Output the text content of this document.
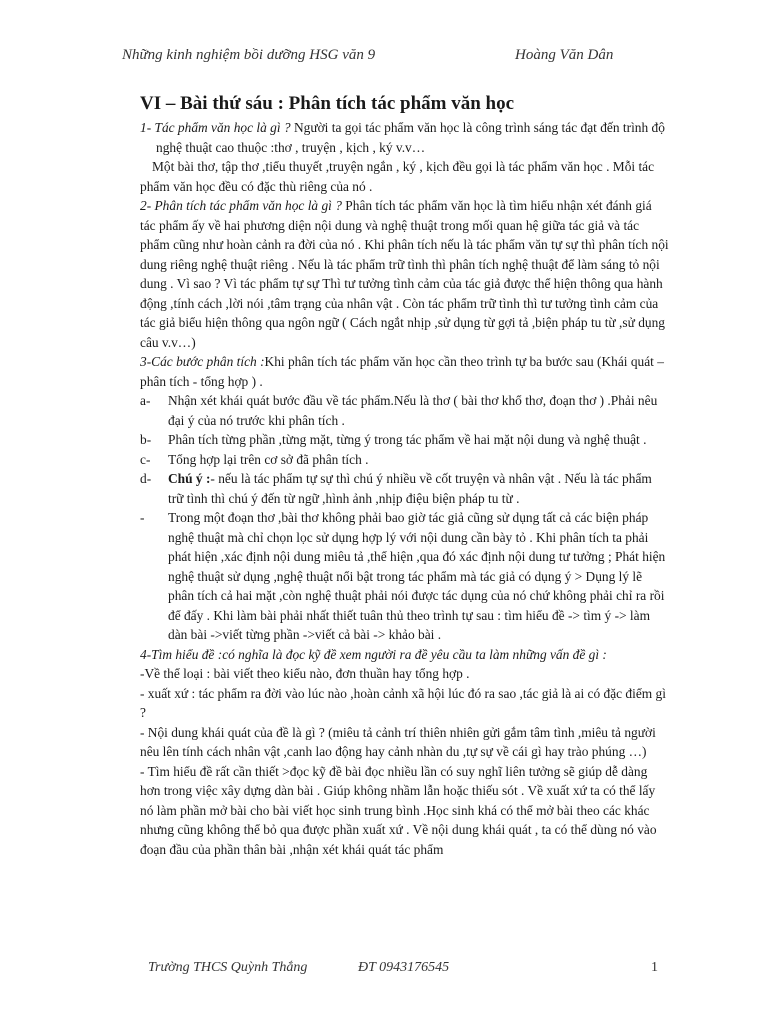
Những kinh nghiệm bồi dưỡng HSG văn 9	Hoàng Văn Dân
VI – Bài thứ sáu : Phân tích tác phẩm văn học

1- Tác phẩm văn học là gì ? Người ta gọi tác phẩm văn học là công trình sáng tác đạt đến trình độ nghệ thuật cao thuộc :thơ , truyện , kịch , ký v.v…

Một bài thơ, tập thơ ,tiểu thuyết ,truyện ngắn , ký , kịch đều gọi là tác phẩm văn học . Mỗi tác phẩm văn học đều có đặc thù riêng của nó .

2- Phân tích tác phẩm văn học là gì ? Phân tích tác phẩm văn học là tìm hiểu nhận xét đánh giá tác phẩm ấy về hai phương diện nội dung và nghệ thuật trong mối quan hệ giữa tác giả và tác phẩm cũng như hoàn cảnh ra đời của nó . Khi phân tích nếu là tác phẩm văn tự sự thì phân tích nội dung riêng nghệ thuật riêng . Nếu là tác phẩm trữ tình thì phân tích nghệ thuật để làm sáng tỏ nội dung . Vì sao ? Vì tác phẩm tự sự Thì tư tưởng tình cảm của tác giả được thể hiện thông qua hành động ,tính cách ,lời nói ,tâm trạng của nhân vật . Còn tác phẩm trữ tình thì tư tưởng tình cảm của tác giả biểu hiện thông qua ngôn ngữ ( Cách ngắt nhịp ,sử dụng từ gợi tả ,biện pháp tu từ ,sử dụng câu v.v…)

3-Các bước phân tích :Khi phân tích tác phẩm văn học cần theo trình tự ba bước sau (Khái quát – phân tích - tổng hợp ) .

a-	Nhận xét khái quát bước đầu về tác phẩm.Nếu là thơ ( bài thơ khổ thơ, đoạn thơ ) .Phải nêu đại ý của nó trước khi phân tích .
b-	Phân tích từng phần ,từng mặt, từng ý trong tác phẩm về hai mặt nội dung và nghệ thuật .
c-	Tổng hợp lại trên cơ sở đã phân tích .
d-	Chú ý :- nếu là tác phẩm tự sự thì chú ý nhiều về cốt truyện và nhân vật . Nếu là tác phẩm trữ tình thì chú ý đến từ ngữ ,hình ảnh ,nhịp điệu biện pháp tu từ .
-	Trong một đoạn thơ ,bài thơ không phải bao giờ tác giả cũng sử dụng tất cả các biện pháp nghệ thuật mà chỉ chọn lọc sử dụng hợp lý với nội dung cần bày tỏ . Khi phân tích ta phải phát hiện ,xác định nội dung miêu tả ,thể hiện ,qua đó xác định nội dung tư tưởng ; Phát hiện nghệ thuật sử dụng ,nghệ thuật nổi bật trong tác phẩm mà tác giả có dụng ý > Dụng lý lẽ phân tích cả hai mặt ,còn nghệ thuật phải nói được tác dụng của nó chứ không phải chỉ ra rồi để đấy . Khi làm bài phải nhất thiết tuân thủ theo trình tự sau : tìm hiểu đề -> tìm ý -> làm dàn bài ->viết từng phần ->viết cả bài -> khảo bài .

4-Tìm hiểu đề :có nghĩa là đọc kỹ đề xem người ra đề yêu cầu ta làm những vấn đề gì :

-Về thể loại : bài viết theo kiểu nào, đơn thuần hay tổng hợp .

- xuất xứ : tác phẩm ra đời vào lúc nào ,hoàn cảnh xã hội lúc đó ra sao ,tác giả là ai có đặc điểm gì ?

- Nội dung khái quát của đề là gì ? (miêu tả cảnh trí thiên nhiên gửi gắm tâm tình ,miêu tả người nêu lên tính cách nhân vật ,canh lao động hay cảnh nhàn du ,tự sự về cái gì hay trào phúng …)

- Tìm hiểu đề rất cần thiết >đọc kỹ đề bài đọc nhiều lần có suy nghĩ liên tưởng sẽ giúp dễ dàng hơn trong việc xây dựng dàn bài . Giúp không nhầm lẫn hoặc thiếu sót . Về xuất xứ ta có thể lấy nó làm phần mở bài cho bài viết học sinh trung bình .Học sinh khá có thể mở bài theo các khác nhưng cũng không thể bỏ qua được phần xuất xứ . Về nội dung khái quát , ta có thể dùng nó vào đoạn đầu của phần thân bài ,nhận xét khái quát tác phẩm

Trường THCS Quỳnh Thắng	ĐT 0943176545	1
